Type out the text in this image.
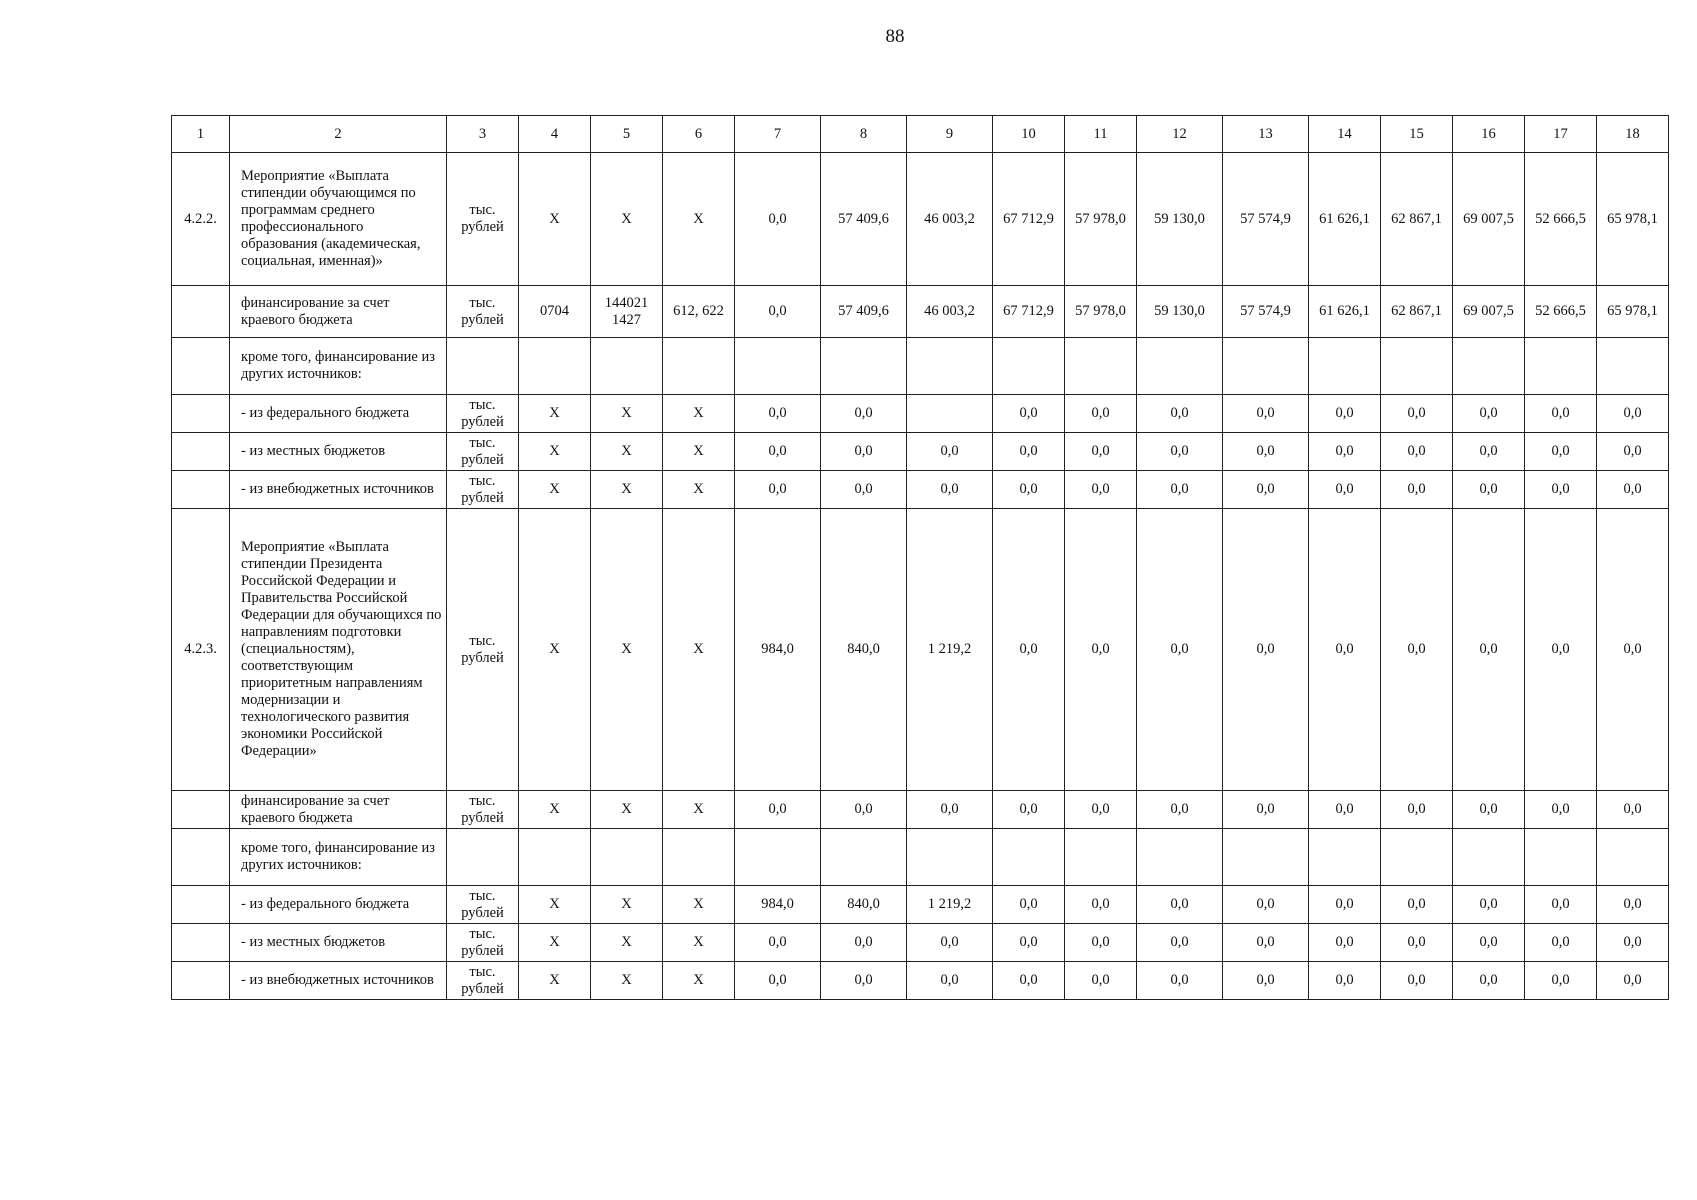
88
1	2	3	4	5	6	7	8	9	10	11	12	13	14	15	16	17	18
4.2.2.	Мероприятие «Выплата стипендии обучающимся по программам среднего профессионального образования (академическая, социальная, именная)»	тыс. рублей	Х	Х	Х	0,0	57 409,6	46 003,2	67 712,9	57 978,0	59 130,0	57 574,9	61 626,1	62 867,1	69 007,5	52 666,5	65 978,1
	финансирование за счет краевого бюджета	тыс. рублей	0704	144021 1427	612, 622	0,0	57 409,6	46 003,2	67 712,9	57 978,0	59 130,0	57 574,9	61 626,1	62 867,1	69 007,5	52 666,5	65 978,1
	кроме того, финансирование из других источников:																
	- из федерального бюджета	тыс. рублей	Х	Х	Х	0,0	0,0		0,0	0,0	0,0	0,0	0,0	0,0	0,0	0,0	0,0
	- из местных бюджетов	тыс. рублей	Х	Х	Х	0,0	0,0	0,0	0,0	0,0	0,0	0,0	0,0	0,0	0,0	0,0	0,0
	- из внебюджетных источников	тыс. рублей	Х	Х	Х	0,0	0,0	0,0	0,0	0,0	0,0	0,0	0,0	0,0	0,0	0,0	0,0
4.2.3.	Мероприятие «Выплата стипендии Президента Российской Федерации и Правительства Российской Федерации для обучающихся по направлениям подготовки (специальностям), соответствующим приоритетным направлениям модернизации и технологического развития экономики Российской Федерации»	тыс. рублей	Х	Х	Х	984,0	840,0	1 219,2	0,0	0,0	0,0	0,0	0,0	0,0	0,0	0,0	0,0
	финансирование за счет краевого бюджета	тыс. рублей	Х	Х	Х	0,0	0,0	0,0	0,0	0,0	0,0	0,0	0,0	0,0	0,0	0,0	0,0
	кроме того, финансирование из других источников:																
	- из федерального бюджета	тыс. рублей	Х	Х	Х	984,0	840,0	1 219,2	0,0	0,0	0,0	0,0	0,0	0,0	0,0	0,0	0,0
	- из местных бюджетов	тыс. рублей	Х	Х	Х	0,0	0,0	0,0	0,0	0,0	0,0	0,0	0,0	0,0	0,0	0,0	0,0
	- из внебюджетных источников	тыс. рублей	Х	Х	Х	0,0	0,0	0,0	0,0	0,0	0,0	0,0	0,0	0,0	0,0	0,0	0,0
